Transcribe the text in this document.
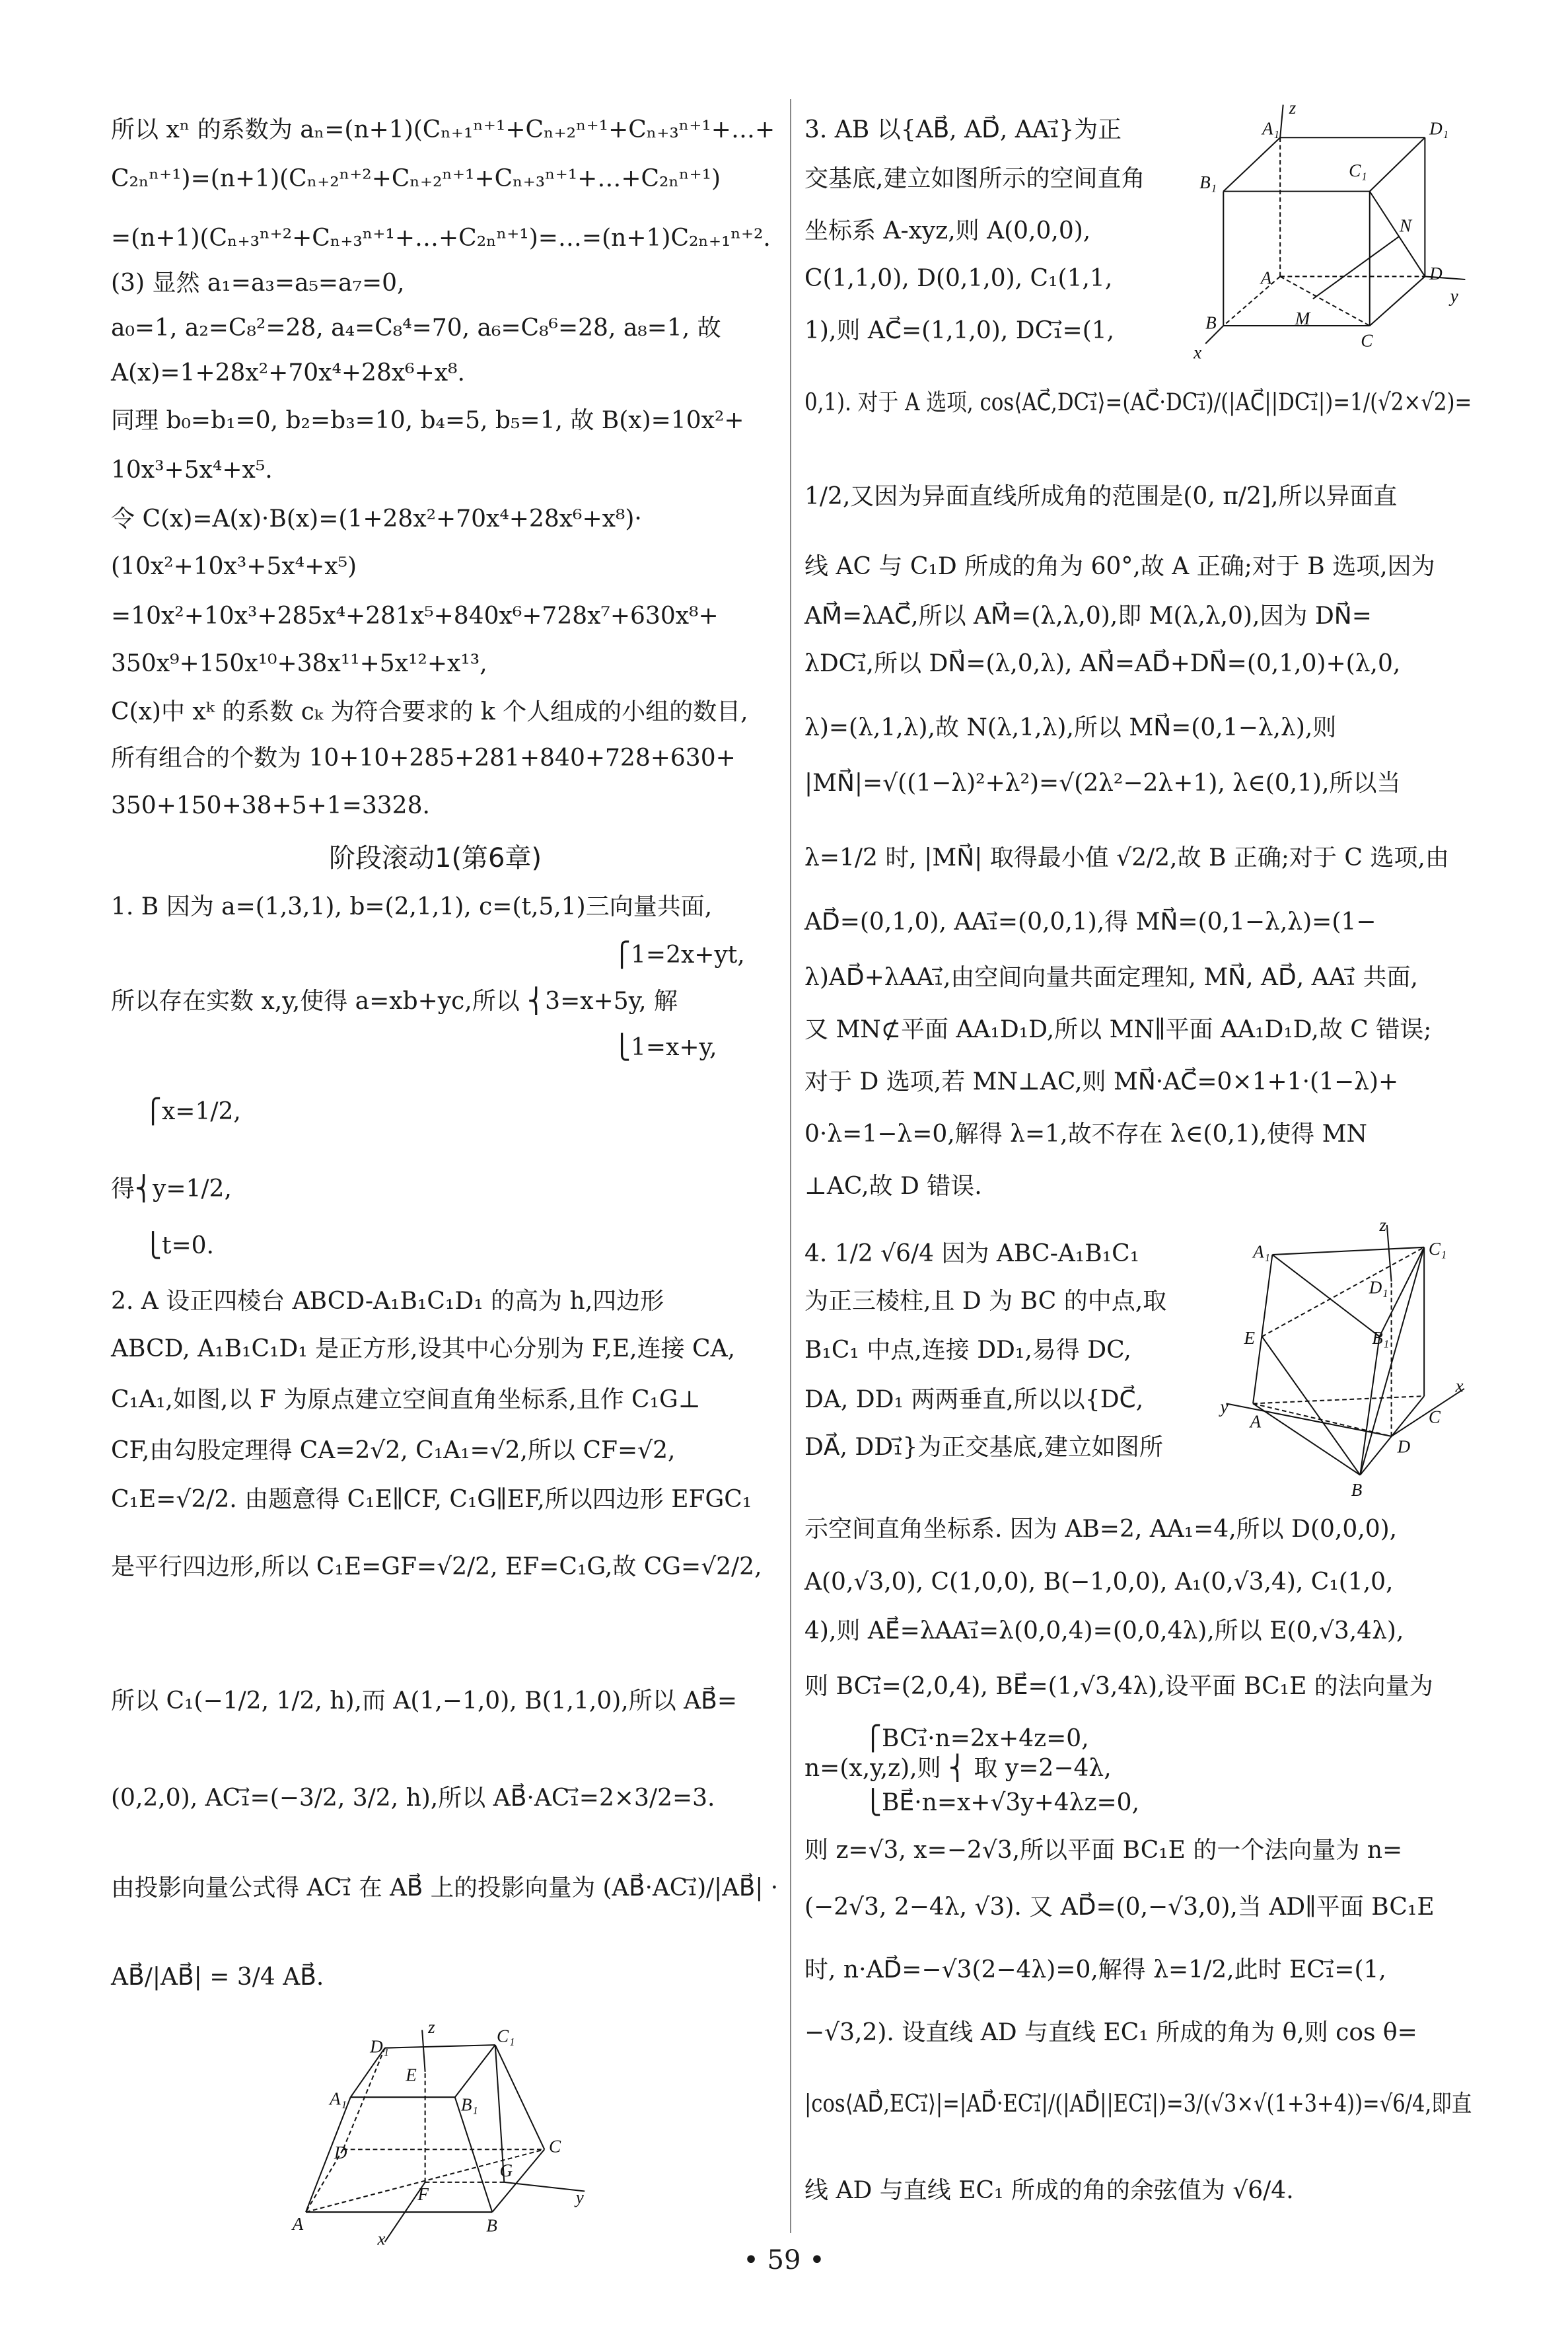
所以 xⁿ 的系数为 aₙ=(n+1)(Cₙ₊₁ⁿ⁺¹+Cₙ₊₂ⁿ⁺¹+Cₙ₊₃ⁿ⁺¹+…+
C₂ₙⁿ⁺¹)=(n+1)(Cₙ₊₂ⁿ⁺²+Cₙ₊₂ⁿ⁺¹+Cₙ₊₃ⁿ⁺¹+…+C₂ₙⁿ⁺¹)
=(n+1)(Cₙ₊₃ⁿ⁺²+Cₙ₊₃ⁿ⁺¹+…+C₂ₙⁿ⁺¹)=…=(n+1)C₂ₙ₊₁ⁿ⁺².
(3) 显然 a₁=a₃=a₅=a₇=0,
a₀=1, a₂=C₈²=28, a₄=C₈⁴=70, a₆=C₈⁶=28, a₈=1, 故
A(x)=1+28x²+70x⁴+28x⁶+x⁸.
同理 b₀=b₁=0, b₂=b₃=10, b₄=5, b₅=1, 故 B(x)=10x²+
10x³+5x⁴+x⁵.
令 C(x)=A(x)·B(x)=(1+28x²+70x⁴+28x⁶+x⁸)·
(10x²+10x³+5x⁴+x⁵)
=10x²+10x³+285x⁴+281x⁵+840x⁶+728x⁷+630x⁸+
350x⁹+150x¹⁰+38x¹¹+5x¹²+x¹³,
C(x)中 xᵏ 的系数 cₖ 为符合要求的 k 个人组成的小组的数目,
所有组合的个数为 10+10+285+281+840+728+630+
350+150+38+5+1=3328.
阶段滚动1(第6章)
1. B 因为 a=(1,3,1), b=(2,1,1), c=(t,5,1)三向量共面,
⎧1=2x+yt,
所以存在实数 x,y,使得 a=xb+yc,所以 ⎨3=x+5y, 解
⎩1=x+y,
⎧x=1/2,
得⎨y=1/2,
⎩t=0.
2. A 设正四棱台 ABCD-A₁B₁C₁D₁ 的高为 h,四边形
ABCD, A₁B₁C₁D₁ 是正方形,设其中心分别为 F,E,连接 CA,
C₁A₁,如图,以 F 为原点建立空间直角坐标系,且作 C₁G⊥
CF,由勾股定理得 CA=2√2, C₁A₁=√2,所以 CF=√2,
C₁E=√2/2. 由题意得 C₁E∥CF, C₁G∥EF,所以四边形 EFGC₁
是平行四边形,所以 C₁E=GF=√2/2, EF=C₁G,故 CG=√2/2,
所以 C₁(−1/2, 1/2, h),而 A(1,−1,0), B(1,1,0),所以 AB⃗=
(0,2,0), AC₁⃗=(−3/2, 3/2, h),所以 AB⃗·AC₁⃗=2×3/2=3.
由投影向量公式得 AC₁⃗ 在 AB⃗ 上的投影向量为 (AB⃗·AC₁⃗)/|AB⃗| ·
AB⃗/|AB⃗| = 3/4 AB⃗.
3. AB 以{AB⃗, AD⃗, AA₁⃗}为正
交基底,建立如图所示的空间直角
坐标系 A-xyz,则 A(0,0,0),
C(1,1,0), D(0,1,0), C₁(1,1,
1),则 AC⃗=(1,1,0), DC₁⃗=(1,
0,1). 对于 A 选项, cos⟨AC⃗,DC₁⃗⟩=(AC⃗·DC₁⃗)/(|AC⃗||DC₁⃗|)=1/(√2×√2)=
1/2,又因为异面直线所成角的范围是(0, π/2],所以异面直
线 AC 与 C₁D 所成的角为 60°,故 A 正确;对于 B 选项,因为
AM⃗=λAC⃗,所以 AM⃗=(λ,λ,0),即 M(λ,λ,0),因为 DN⃗=
λDC₁⃗,所以 DN⃗=(λ,0,λ), AN⃗=AD⃗+DN⃗=(0,1,0)+(λ,0,
λ)=(λ,1,λ),故 N(λ,1,λ),所以 MN⃗=(0,1−λ,λ),则
|MN⃗|=√((1−λ)²+λ²)=√(2λ²−2λ+1), λ∈(0,1),所以当
λ=1/2 时, |MN⃗| 取得最小值 √2/2,故 B 正确;对于 C 选项,由
AD⃗=(0,1,0), AA₁⃗=(0,0,1),得 MN⃗=(0,1−λ,λ)=(1−
λ)AD⃗+λAA₁⃗,由空间向量共面定理知, MN⃗, AD⃗, AA₁⃗ 共面,
又 MN⊄平面 AA₁D₁D,所以 MN∥平面 AA₁D₁D,故 C 错误;
对于 D 选项,若 MN⊥AC,则 MN⃗·AC⃗=0×1+1·(1−λ)+
0·λ=1−λ=0,解得 λ=1,故不存在 λ∈(0,1),使得 MN
⊥AC,故 D 错误.
4. 1/2 √6/4 因为 ABC-A₁B₁C₁
为正三棱柱,且 D 为 BC 的中点,取
B₁C₁ 中点,连接 DD₁,易得 DC,
DA, DD₁ 两两垂直,所以以{DC⃗,
DA⃗, DD₁⃗}为正交基底,建立如图所
示空间直角坐标系. 因为 AB=2, AA₁=4,所以 D(0,0,0),
A(0,√3,0), C(1,0,0), B(−1,0,0), A₁(0,√3,4), C₁(1,0,
4),则 AE⃗=λAA₁⃗=λ(0,0,4)=(0,0,4λ),所以 E(0,√3,4λ),
则 BC₁⃗=(2,0,4), BE⃗=(1,√3,4λ),设平面 BC₁E 的法向量为
⎧BC₁⃗·n=2x+4z=0,
n=(x,y,z),则 ⎨ 取 y=2−4λ,
⎩BE⃗·n=x+√3y+4λz=0,
则 z=√3, x=−2√3,所以平面 BC₁E 的一个法向量为 n=
(−2√3, 2−4λ, √3). 又 AD⃗=(0,−√3,0),当 AD∥平面 BC₁E
时, n·AD⃗=−√3(2−4λ)=0,解得 λ=1/2,此时 EC₁⃗=(1,
−√3,2). 设直线 AD 与直线 EC₁ 所成的角为 θ,则 cos θ=
|cos⟨AD⃗,EC₁⃗⟩|=|AD⃗·EC₁⃗|/(|AD⃗||EC₁⃗|)=3/(√3×√(1+3+4))=√6/4,即直
线 AD 与直线 EC₁ 所成的角的余弦值为 √6/4.
D₁
z	C₁
E
A₁	B₁
D	C
G
F	y
A
x
B
A₁
z
D₁
B₁
C₁
N
A	D
y
B	M
C
x
z
A₁	C₁
D₁
E	B₁
x
y
A	C
D
B
• 59 •
